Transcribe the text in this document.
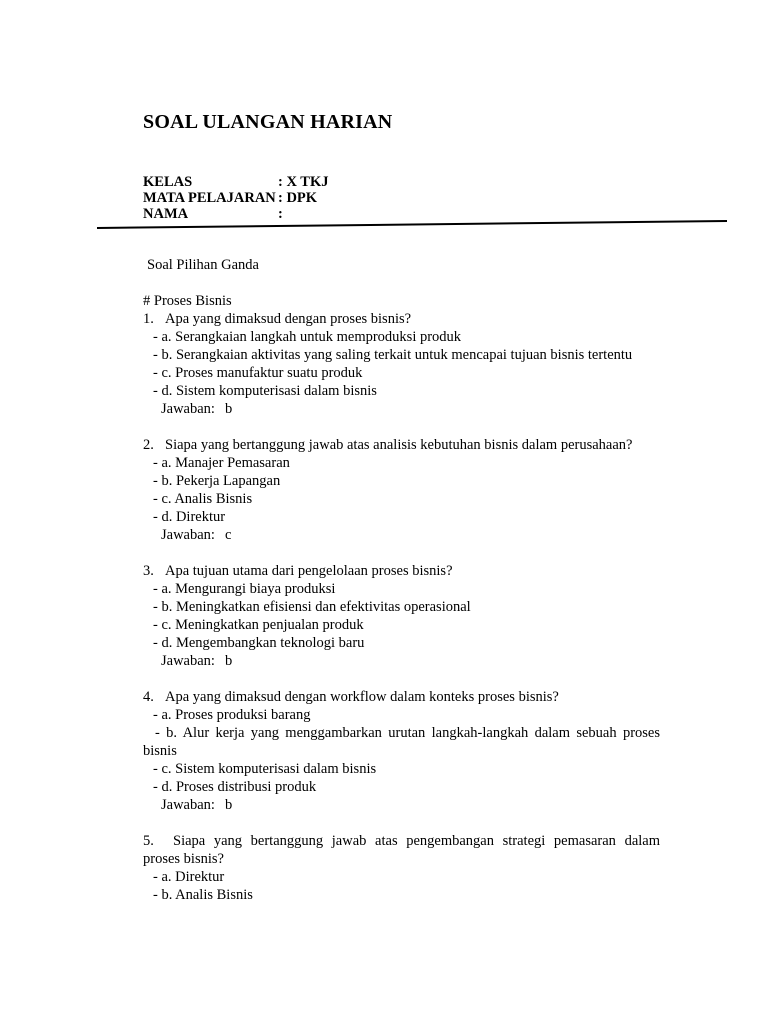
SOAL ULANGAN HARIAN
KELAS	: X TKJ
MATA PELAJARAN : DPK
NAMA	:
Soal Pilihan Ganda
# Proses Bisnis
1. Apa yang dimaksud dengan proses bisnis?
- a. Serangkaian langkah untuk memproduksi produk
- b. Serangkaian aktivitas yang saling terkait untuk mencapai tujuan bisnis tertentu
- c. Proses manufaktur suatu produk
- d. Sistem komputerisasi dalam bisnis
Jawaban: b
2. Siapa yang bertanggung jawab atas analisis kebutuhan bisnis dalam perusahaan?
- a. Manajer Pemasaran
- b. Pekerja Lapangan
- c. Analis Bisnis
- d. Direktur
Jawaban: c
3. Apa tujuan utama dari pengelolaan proses bisnis?
- a. Mengurangi biaya produksi
- b. Meningkatkan efisiensi dan efektivitas operasional
- c. Meningkatkan penjualan produk
- d. Mengembangkan teknologi baru
Jawaban: b
4. Apa yang dimaksud dengan workflow dalam konteks proses bisnis?
- a. Proses produksi barang
- b. Alur kerja yang menggambarkan urutan langkah-langkah dalam sebuah proses bisnis
- c. Sistem komputerisasi dalam bisnis
- d. Proses distribusi produk
Jawaban: b
5. Siapa yang bertanggung jawab atas pengembangan strategi pemasaran dalam proses bisnis?
- a. Direktur
- b. Analis Bisnis
